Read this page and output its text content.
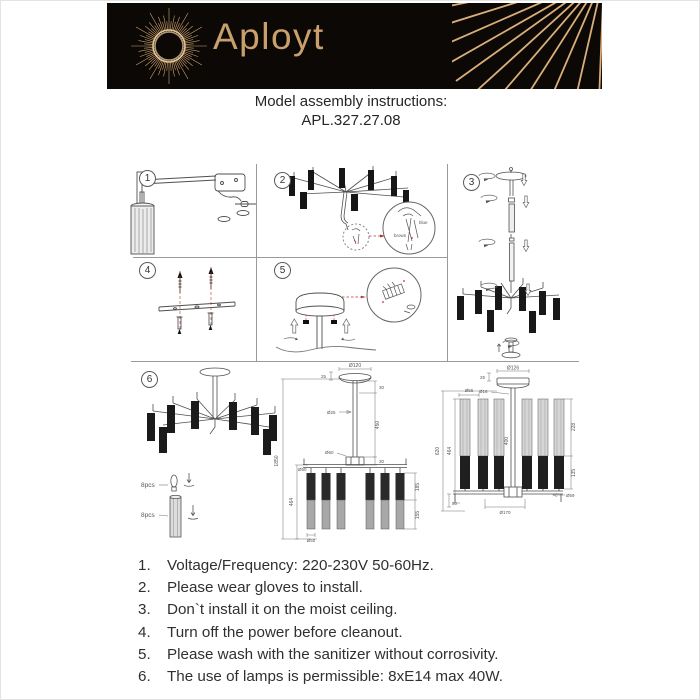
Aployt
Model assembly instructions:
APL.327.27.08
1	2
blue
brown
3
4	5
6
8pcs
8pcs
1850
464
Ø120
25
30
450
Ø25
Ø60
30
Ø50
185
155
Ø50
620 464
Ø126
25
Ø16
400
Ø56
228
135
Ø59
Ø170
50
1.	Voltage/Frequency: 220-230V 50-60Hz.
2.	Please wear gloves to install.
3.	Don`t install it on the moist ceiling.
4.	Turn off the power before cleanout.
5.	Please wash with the sanitizer without corrosivity.
6.	The use of lamps is permissible: 8xE14 max 40W.
